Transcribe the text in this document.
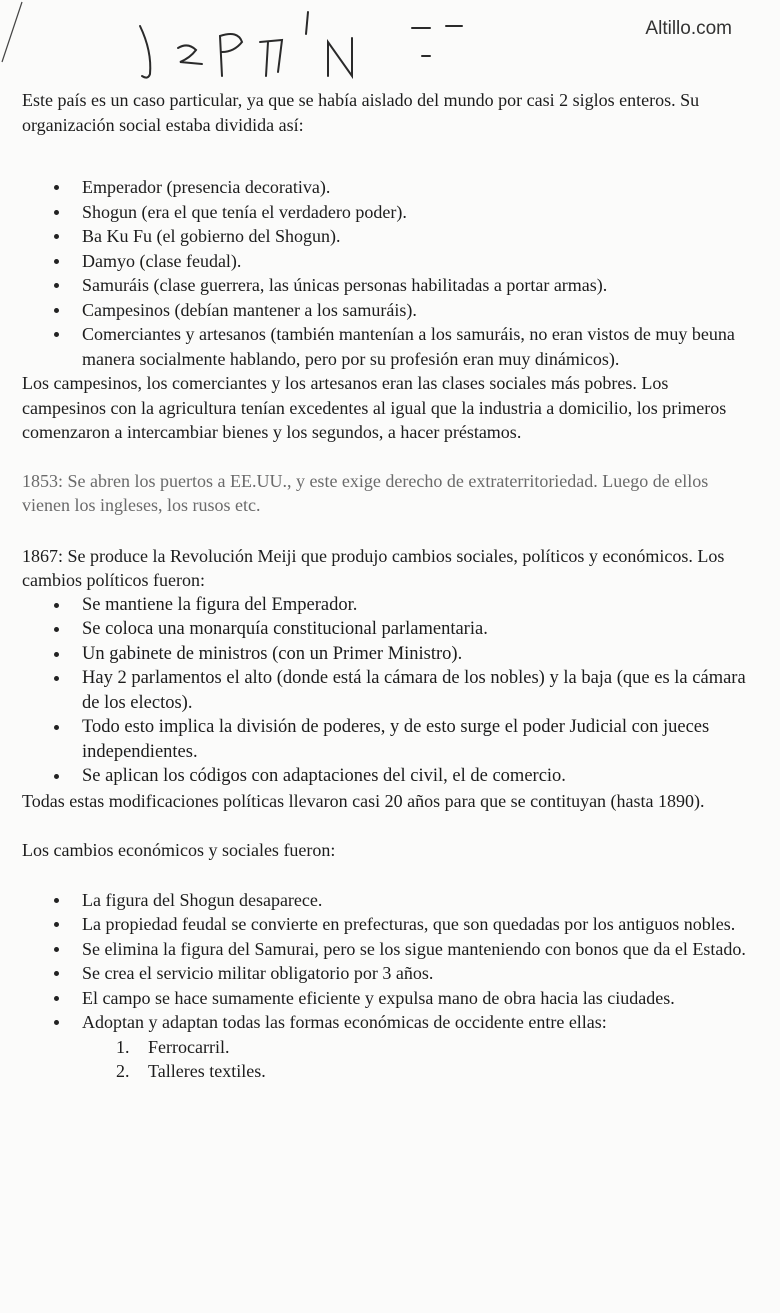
Altillo.com

Este país es un caso particular, ya que se había aislado del mundo por casi 2 siglos enteros. Su organización social estaba dividida así:

Emperador (presencia decorativa).
Shogun (era el que tenía el verdadero poder).
Ba Ku Fu (el gobierno del Shogun).
Damyo (clase feudal).
Samuráis (clase guerrera, las únicas personas habilitadas a portar armas).
Campesinos (debían mantener a los samuráis).
Comerciantes y artesanos (también mantenían a los samuráis, no eran vistos de muy beuna manera socialmente hablando, pero por su profesión eran muy dinámicos).

Los campesinos, los comerciantes y los artesanos eran las clases sociales más pobres. Los campesinos con la agricultura tenían excedentes al igual que la industria a domicilio, los primeros comenzaron a intercambiar bienes y los segundos, a hacer préstamos.

1853: Se abren los puertos a EE.UU., y este exige derecho de extraterritoriedad. Luego de ellos vienen los ingleses, los rusos etc.

1867: Se produce la Revolución Meiji que produjo cambios sociales, políticos y económicos. Los cambios políticos fueron:

Se mantiene la figura del Emperador.
Se coloca una monarquía constitucional parlamentaria.
Un gabinete de ministros (con un Primer Ministro).
Hay 2 parlamentos el alto (donde está la cámara de los nobles) y la baja (que es la cámara de los electos).
Todo esto implica la división de poderes, y de esto surge el poder Judicial con jueces independientes.
Se aplican los códigos con adaptaciones del civil, el de comercio.

Todas estas modificaciones políticas llevaron casi 20 años para que se contituyan (hasta 1890).

Los cambios económicos y sociales fueron:

La figura del Shogun desaparece.
La propiedad feudal se convierte en prefecturas, que son quedadas por los antiguos nobles.
Se elimina la figura del Samurai, pero se los sigue manteniendo con bonos que da el Estado.
Se crea el servicio militar obligatorio por 3 años.
El campo se hace sumamente eficiente y expulsa mano de obra hacia las ciudades.
Adoptan y adaptan todas las formas económicas de occidente entre ellas:
1. Ferrocarril.
2. Talleres textiles.
